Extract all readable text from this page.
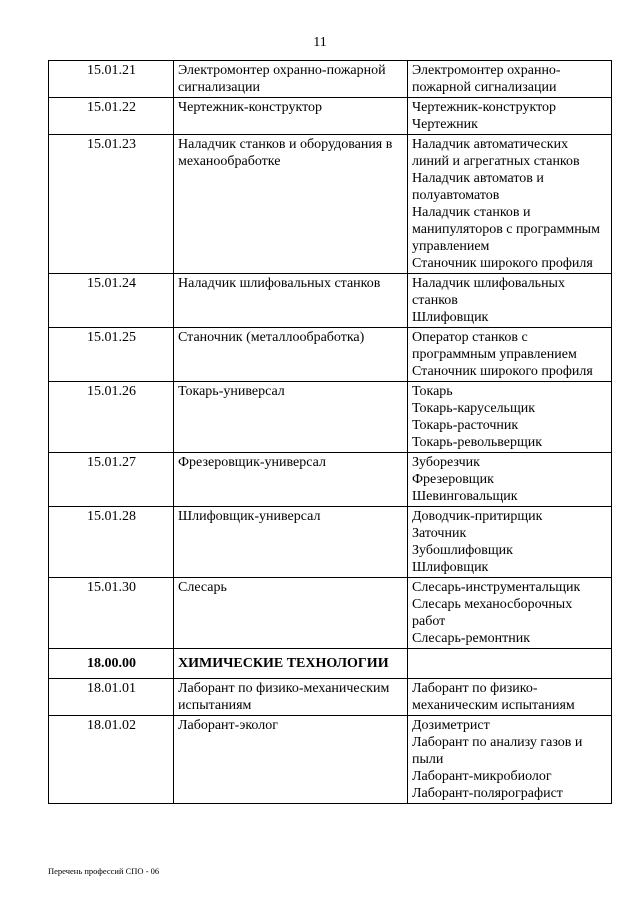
11
15.01.21	Электромонтер охранно-пожарной сигнализации	Электромонтер охранно-пожарной сигнализации

15.01.22	Чертежник-конструктор	Чертежник-конструктор
Чертежник

15.01.23	Наладчик станков и оборудования в механообработке	Наладчик автоматических линий и агрегатных станков
Наладчик автоматов и полуавтоматов
Наладчик станков и манипуляторов с программным управлением
Станочник широкого профиля

15.01.24	Наладчик шлифовальных станков	Наладчик шлифовальных станков
Шлифовщик

15.01.25	Станочник (металлообработка)	Оператор станков с программным управлением
Станочник широкого профиля

15.01.26	Токарь-универсал	Токарь
Токарь-карусельщик
Токарь-расточник
Токарь-револьверщик

15.01.27	Фрезеровщик-универсал	Зуборезчик
Фрезеровщик
Шевинговальщик

15.01.28	Шлифовщик-универсал	Доводчик-притирщик
Заточник
Зубошлифовщик
Шлифовщик

15.01.30	Слесарь	Слесарь-инструментальщик
Слесарь механосборочных работ
Слесарь-ремонтник

18.00.00	ХИМИЧЕСКИЕ ТЕХНОЛОГИИ	
18.01.01	Лаборант по физико-механическим испытаниям	Лаборант по физико-механическим испытаниям

18.01.02	Лаборант-эколог	Дозиметрист
Лаборант по анализу газов и пыли
Лаборант-микробиолог
Лаборант-полярографист
Перечень профессий СПО - 06
